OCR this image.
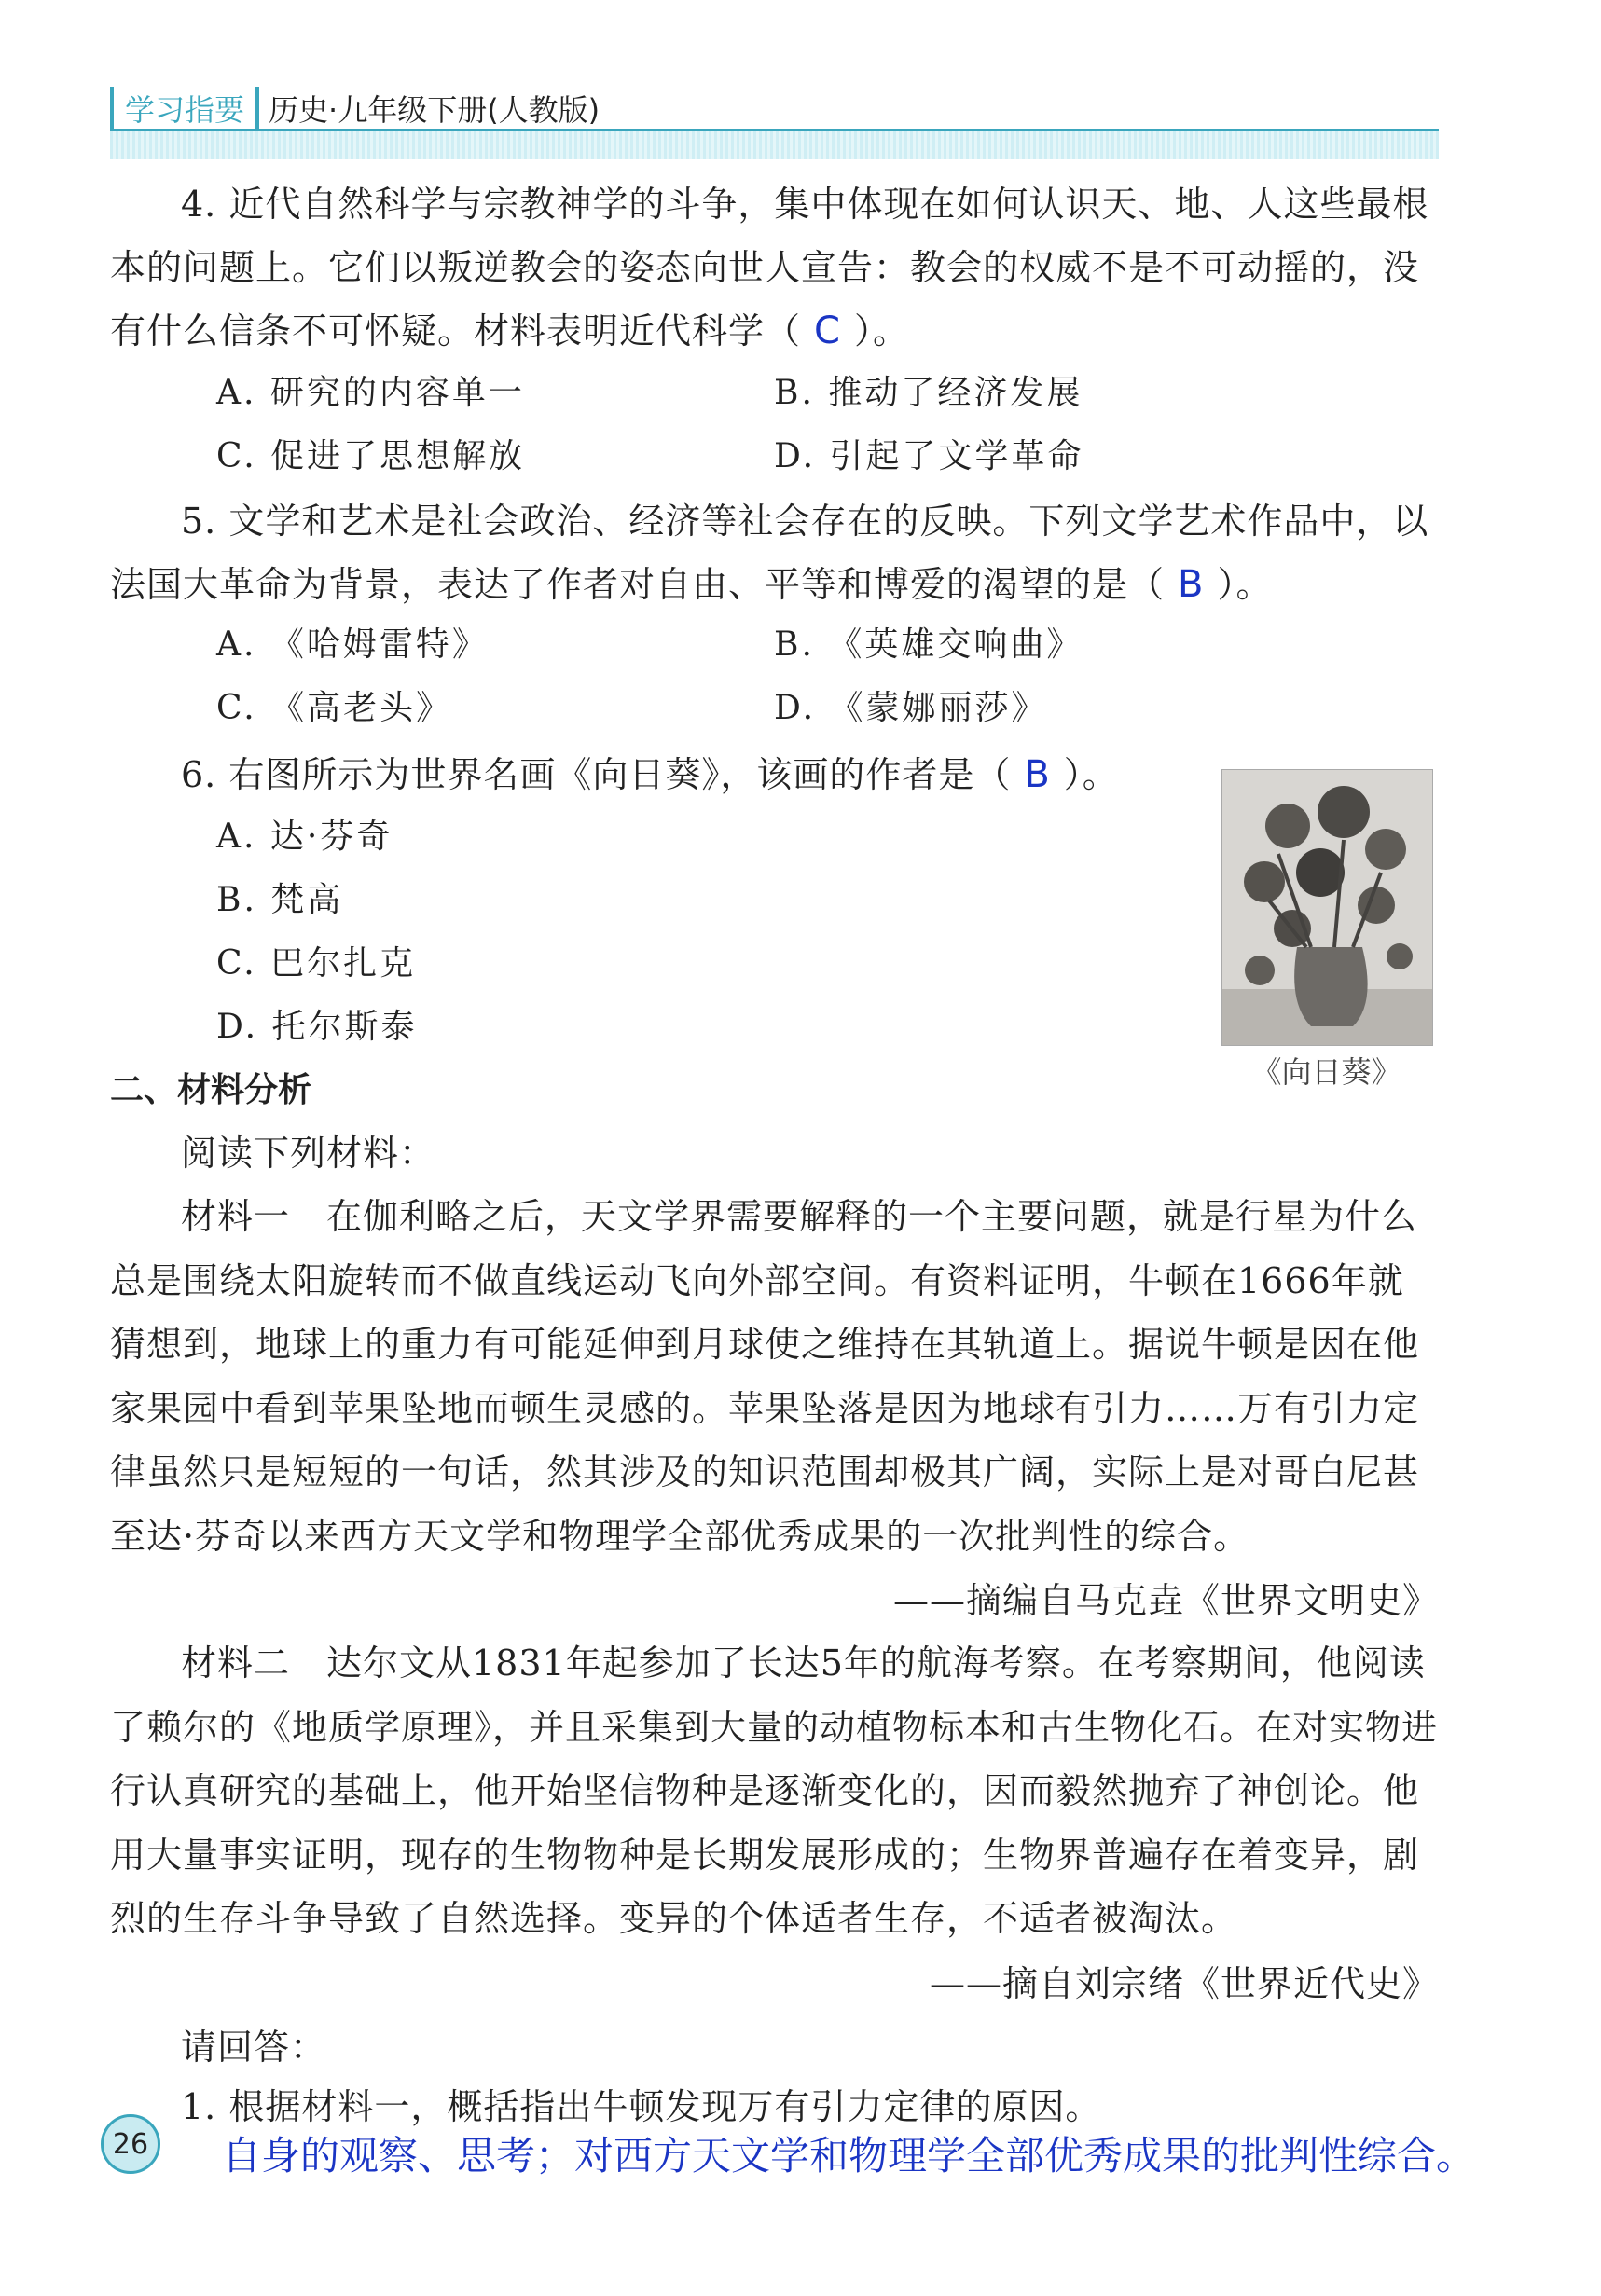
学习指要 历史·九年级下册(人教版)
4. 近代自然科学与宗教神学的斗争，集中体现在如何认识天、地、人这些最根本的问题上。它们以叛逆教会的姿态向世人宣告：教会的权威不是不可动摇的，没有什么信条不可怀疑。材料表明近代科学（ C ）。
A. 研究的内容单一	B. 推动了经济发展
C. 促进了思想解放	D. 引起了文学革命
5. 文学和艺术是社会政治、经济等社会存在的反映。下列文学艺术作品中，以法国大革命为背景，表达了作者对自由、平等和博爱的渴望的是（ B ）。
A. 《哈姆雷特》	B. 《英雄交响曲》
C. 《高老头》	D. 《蒙娜丽莎》
6. 右图所示为世界名画《向日葵》，该画的作者是（ B ）。
A. 达·芬奇
B. 梵高
C. 巴尔扎克
D. 托尔斯泰
《向日葵》
二、材料分析
阅读下列材料：
材料一　在伽利略之后，天文学界需要解释的一个主要问题，就是行星为什么总是围绕太阳旋转而不做直线运动飞向外部空间。有资料证明，牛顿在1666年就猜想到，地球上的重力有可能延伸到月球使之维持在其轨道上。据说牛顿是因在他家果园中看到苹果坠地而顿生灵感的。苹果坠落是因为地球有引力……万有引力定律虽然只是短短的一句话，然其涉及的知识范围却极其广阔，实际上是对哥白尼甚至达·芬奇以来西方天文学和物理学全部优秀成果的一次批判性的综合。
——摘编自马克垚《世界文明史》
材料二　达尔文从1831年起参加了长达5年的航海考察。在考察期间，他阅读了赖尔的《地质学原理》，并且采集到大量的动植物标本和古生物化石。在对实物进行认真研究的基础上，他开始坚信物种是逐渐变化的，因而毅然抛弃了神创论。他用大量事实证明，现存的生物物种是长期发展形成的；生物界普遍存在着变异，剧烈的生存斗争导致了自然选择。变异的个体适者生存，不适者被淘汰。
——摘自刘宗绪《世界近代史》
请回答：
1. 根据材料一，概括指出牛顿发现万有引力定律的原因。
自身的观察、思考；对西方天文学和物理学全部优秀成果的批判性综合。
26
